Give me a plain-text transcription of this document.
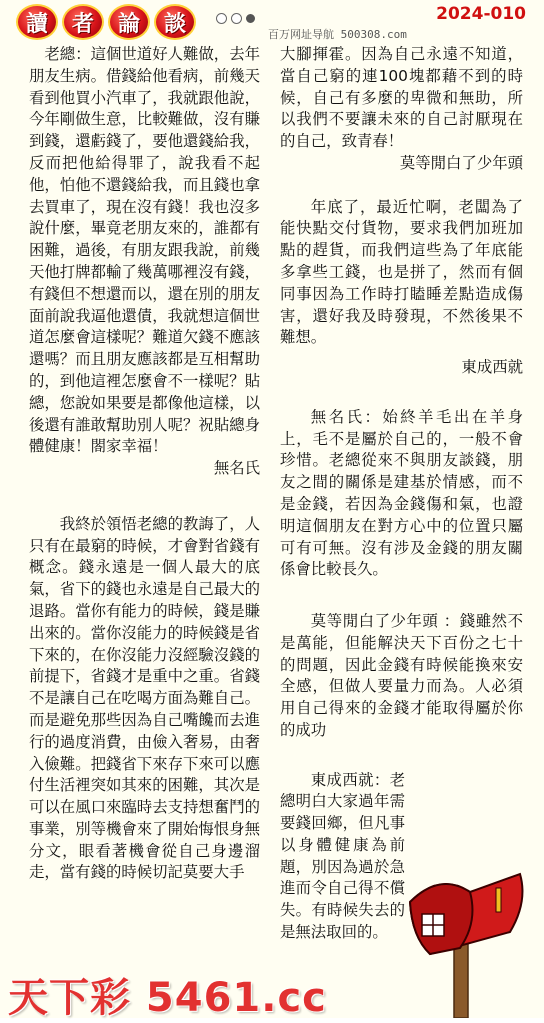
讀	者	論	談	2024-010
百万网址导航 500308.com

老總：這個世道好人難做，去年朋友生病。借錢給他看病，前幾天看到他買小汽車了，我就跟他說，今年剛做生意，比較難做，沒有賺到錢，還虧錢了，要他還錢給我，反而把他給得罪了，說我看不起他，怕他不還錢給我，而且錢也拿去買車了，現在沒有錢！我也沒多說什麼，畢竟老朋友來的，誰都有困難，過後，有朋友跟我說，前幾天他打牌都輸了幾萬哪裡沒有錢，有錢但不想還而以，還在別的朋友面前說我逼他還債，我就想這個世道怎麼會這樣呢？難道欠錢不應該還嗎？而且朋友應該都是互相幫助的，到他這裡怎麼會不一樣呢？貼總，您說如果要是都像他這樣，以後還有誰敢幫助別人呢？祝貼總身體健康！閤家幸福！

無名氏

我終於領悟老總的教誨了，人只有在最窮的時候，才會對省錢有概念。錢永遠是一個人最大的底氣，省下的錢也永遠是自己最大的退路。當你有能力的時候，錢是賺出來的。當你沒能力的時候錢是省下來的，在你沒能力沒經驗沒錢的前提下，省錢才是重中之重。省錢不是讓自己在吃喝方面為難自己。而是避免那些因為自己嘴饞而去進行的過度消費，由儉入奢易，由奢入儉難。把錢省下來存下來可以應付生活裡突如其來的困難，其次是可以在風口來臨時去支持想奮鬥的事業，別等機會來了開始悔恨身無分文，眼看著機會從自己身邊溜走，當有錢的時候切記莫要大手

大腳揮霍。因為自己永遠不知道，當自己窮的連100塊都藉不到的時候，自己有多麼的卑微和無助，所以我們不要讓未來的自己討厭現在的自己，致青春！

莫等閒白了少年頭

年底了，最近忙啊，老闆為了能快點交付貨物，要求我們加班加點的趕貨，而我們這些為了年底能多拿些工錢，也是拼了，然而有個同事因為工作時打瞌睡差點造成傷害，還好我及時發現，不然後果不難想。

東成西就

無名氏：始終羊毛出在羊身上，毛不是屬於自己的，一般不會珍惜。老總從來不與朋友談錢，朋友之間的關係是建基於情感，而不是金錢，若因為金錢傷和氣，也證明這個朋友在對方心中的位置只屬可有可無。沒有涉及金錢的朋友關係會比較長久。

莫等閒白了少年頭 ：錢雖然不是萬能，但能解決天下百份之七十的問題，因此金錢有時候能換來安全感，但做人要量力而為。人必須用自己得來的金錢才能取得屬於你的成功

東成西就：老總明白大家過年需要錢回鄉，但凡事以身體健康為前題，別因為過於急進而令自己得不償失。有時候失去的是無法取回的。

天下彩 5461.cc
